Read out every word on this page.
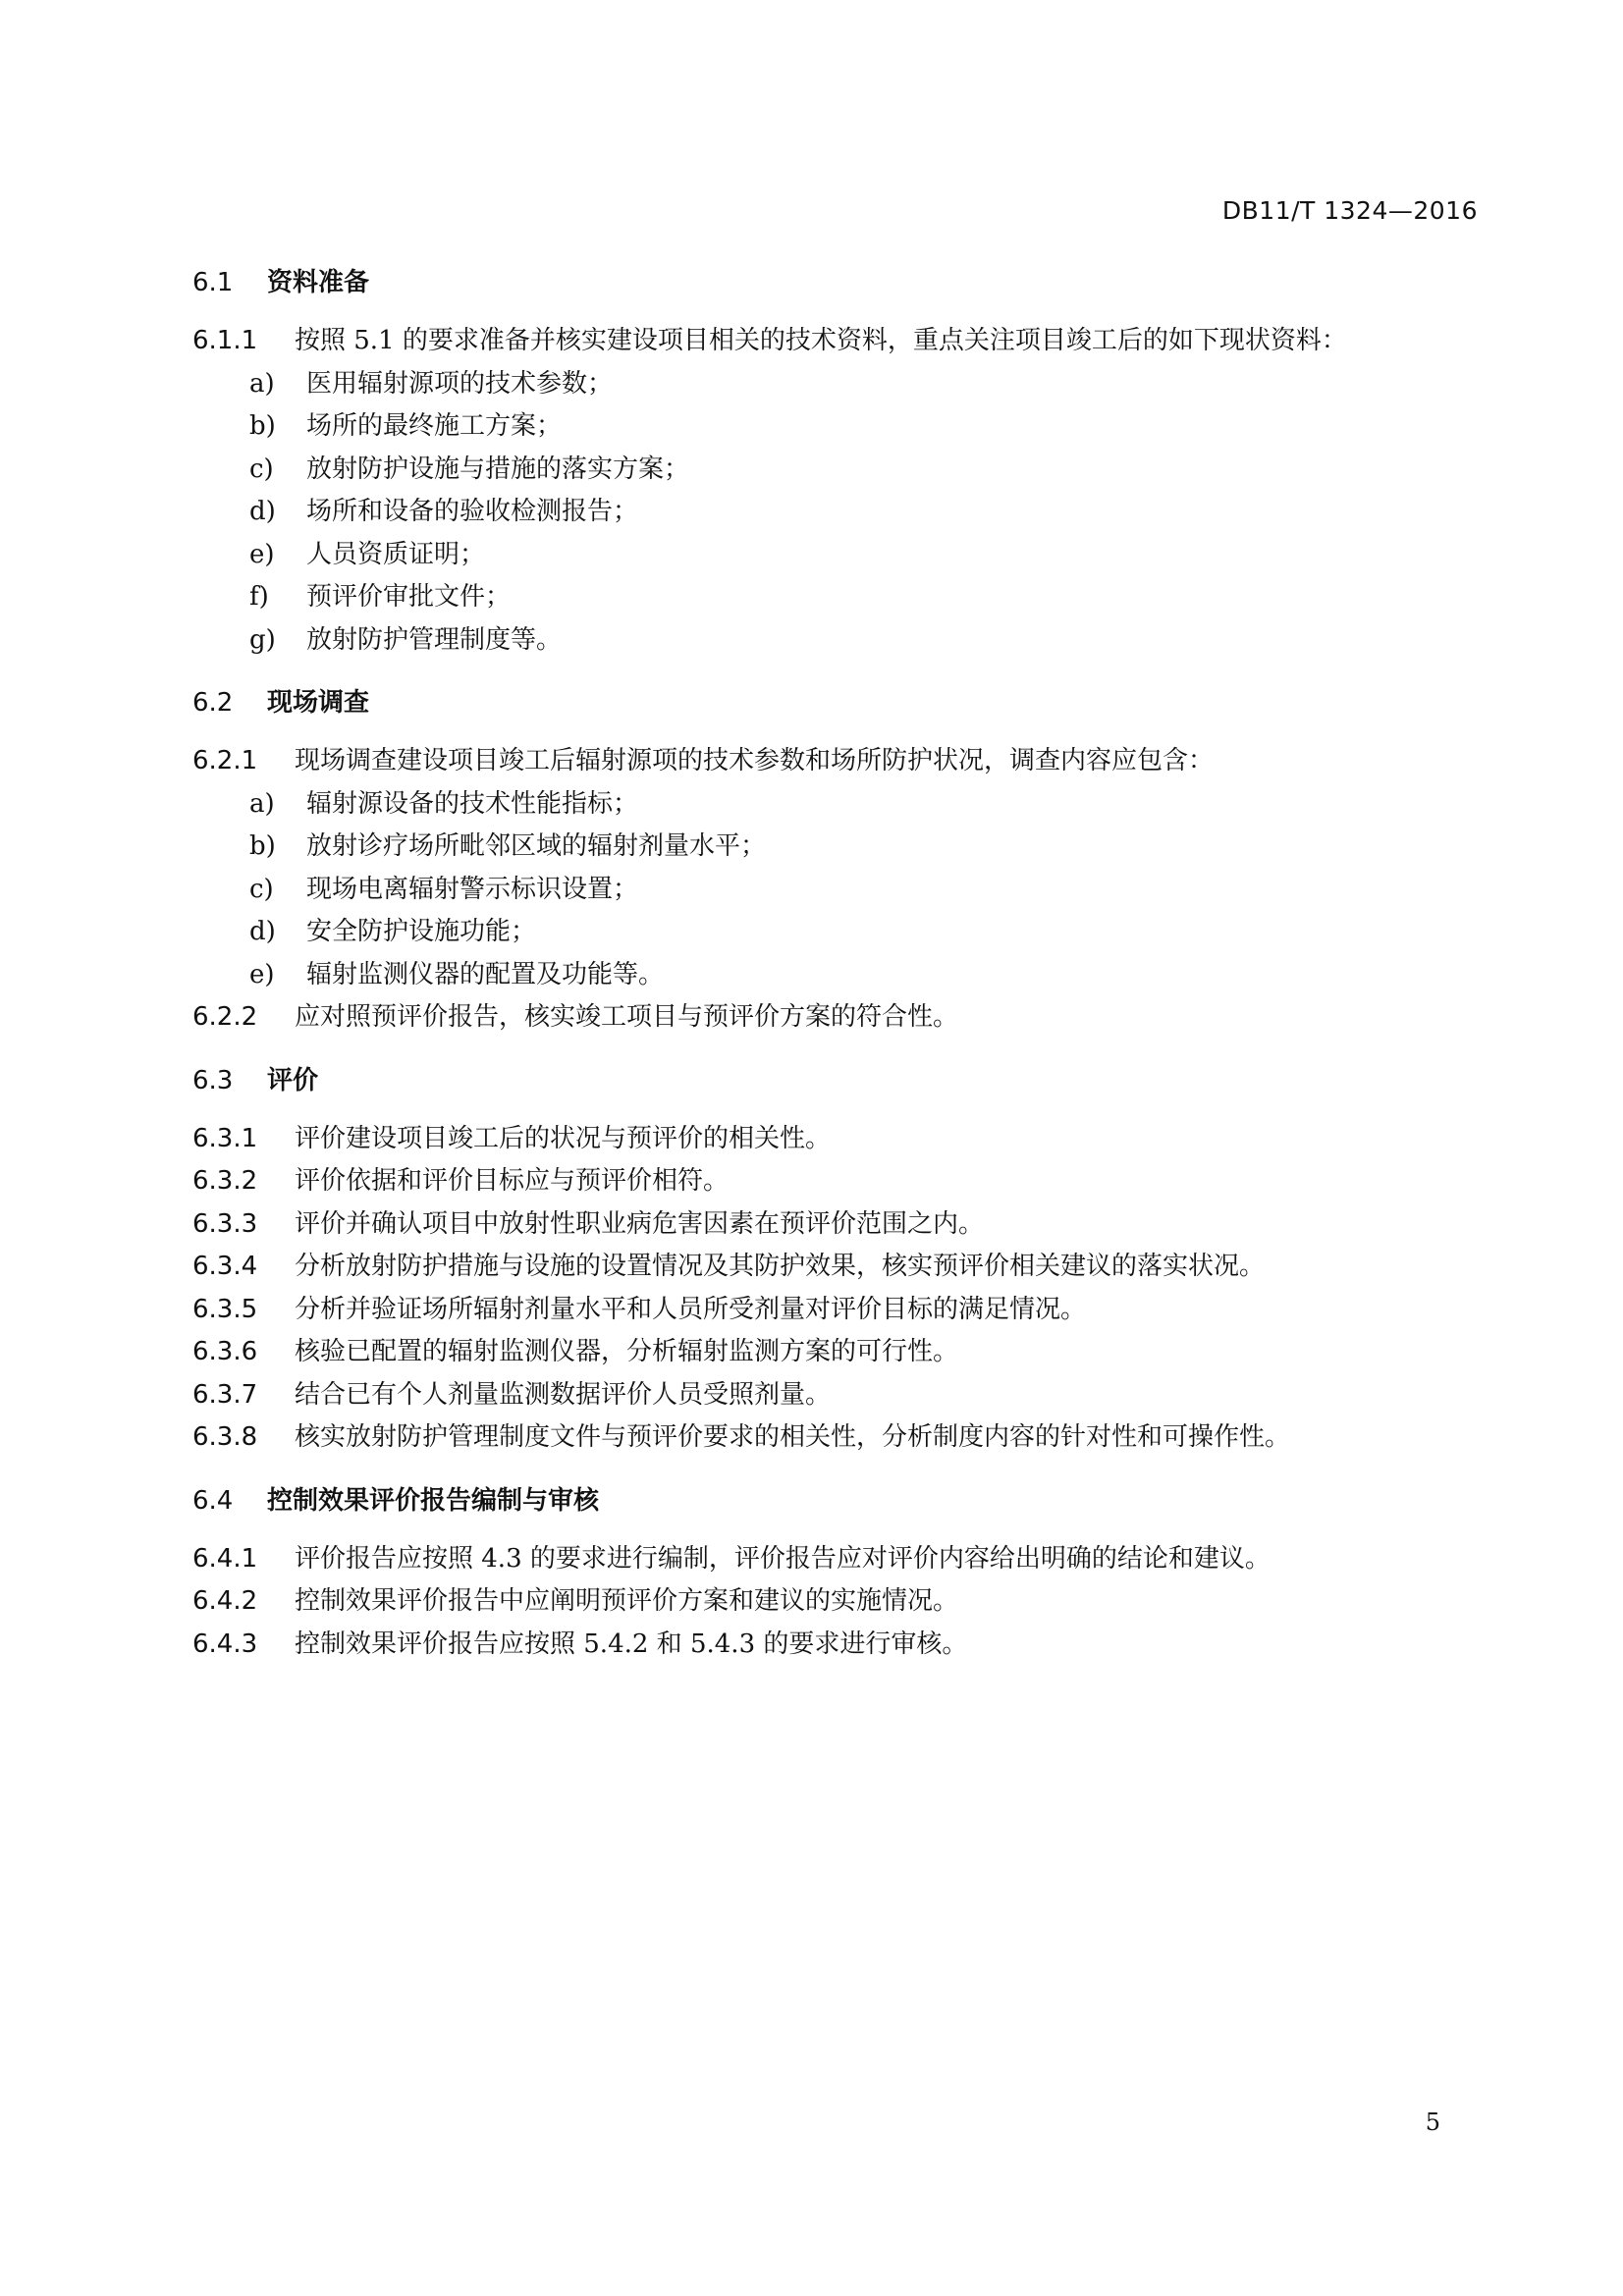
DB11/T 1324—2016
6.1 资料准备
6.1.1 按照 5.1 的要求准备并核实建设项目相关的技术资料，重点关注项目竣工后的如下现状资料：
a) 医用辐射源项的技术参数；
b) 场所的最终施工方案；
c) 放射防护设施与措施的落实方案；
d) 场所和设备的验收检测报告；
e) 人员资质证明；
f) 预评价审批文件；
g) 放射防护管理制度等。
6.2 现场调查
6.2.1 现场调查建设项目竣工后辐射源项的技术参数和场所防护状况，调查内容应包含：
a) 辐射源设备的技术性能指标；
b) 放射诊疗场所毗邻区域的辐射剂量水平；
c) 现场电离辐射警示标识设置；
d) 安全防护设施功能；
e) 辐射监测仪器的配置及功能等。
6.2.2 应对照预评价报告，核实竣工项目与预评价方案的符合性。
6.3 评价
6.3.1 评价建设项目竣工后的状况与预评价的相关性。
6.3.2 评价依据和评价目标应与预评价相符。
6.3.3 评价并确认项目中放射性职业病危害因素在预评价范围之内。
6.3.4 分析放射防护措施与设施的设置情况及其防护效果，核实预评价相关建议的落实状况。
6.3.5 分析并验证场所辐射剂量水平和人员所受剂量对评价目标的满足情况。
6.3.6 核验已配置的辐射监测仪器，分析辐射监测方案的可行性。
6.3.7 结合已有个人剂量监测数据评价人员受照剂量。
6.3.8 核实放射防护管理制度文件与预评价要求的相关性，分析制度内容的针对性和可操作性。
6.4 控制效果评价报告编制与审核
6.4.1 评价报告应按照 4.3 的要求进行编制，评价报告应对评价内容给出明确的结论和建议。
6.4.2 控制效果评价报告中应阐明预评价方案和建议的实施情况。
6.4.3 控制效果评价报告应按照 5.4.2 和 5.4.3 的要求进行审核。
5
